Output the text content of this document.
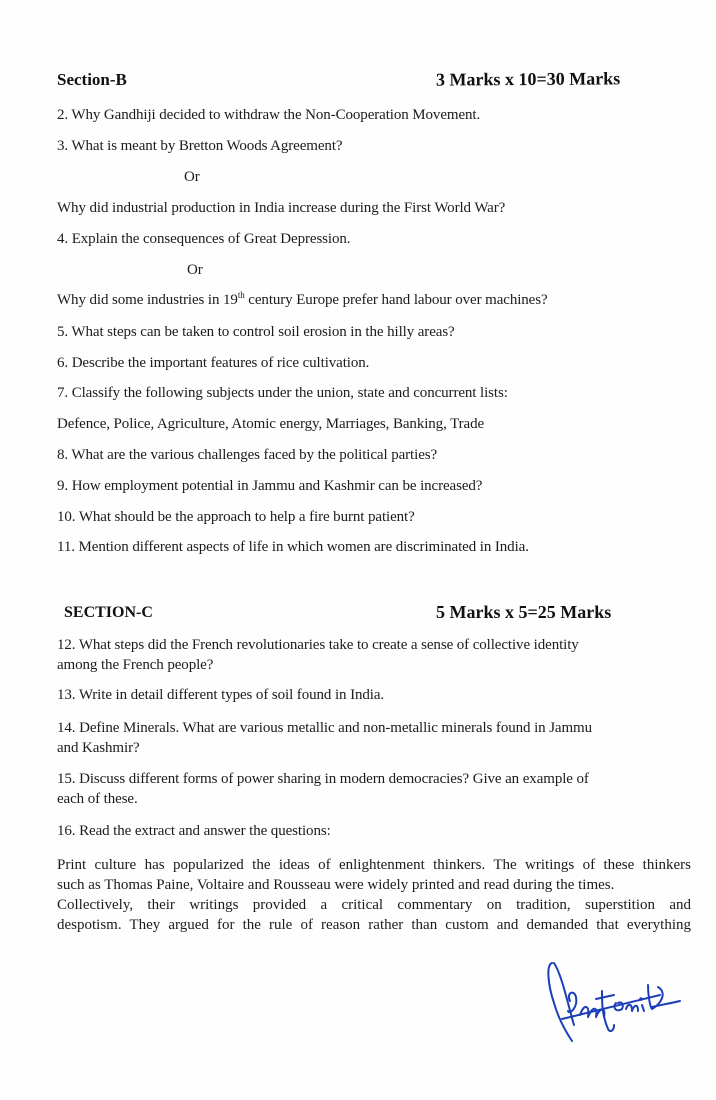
Section-B	3 Marks x 10=30 Marks
2. Why Gandhiji decided to withdraw the Non-Cooperation Movement.
3. What is meant by Bretton Woods Agreement?
Or
Why did industrial production in India increase during the First World War?
4. Explain the consequences of Great Depression.
Or
Why did some industries in 19th century Europe prefer hand labour over machines?
5. What steps can be taken to control soil erosion in the hilly areas?
6. Describe the important features of rice cultivation.
7. Classify the following subjects under the union, state and concurrent lists:
Defence, Police, Agriculture, Atomic energy, Marriages, Banking, Trade
8. What are the various challenges faced by the political parties?
9. How employment potential in Jammu and Kashmir can be increased?
10. What should be the approach to help a fire burnt patient?
11. Mention different aspects of life in which women are discriminated in India.
SECTION-C	5 Marks x 5=25 Marks
12. What steps did the French revolutionaries take to create a sense of collective identity
among the French people?
13. Write in detail different types of soil found in India.
14. Define Minerals. What are various metallic and non-metallic minerals found in Jammu
and Kashmir?
15. Discuss different forms of power sharing in modern democracies? Give an example of
each of these.
16. Read the extract and answer the questions:
Print culture has popularized the ideas of enlightenment thinkers. The writings of these thinkers
such as Thomas Paine, Voltaire and Rousseau were widely printed and read during the times.
Collectively, their writings provided a critical commentary on tradition, superstition and
despotism. They argued for the rule of reason rather than custom and demanded that everything
